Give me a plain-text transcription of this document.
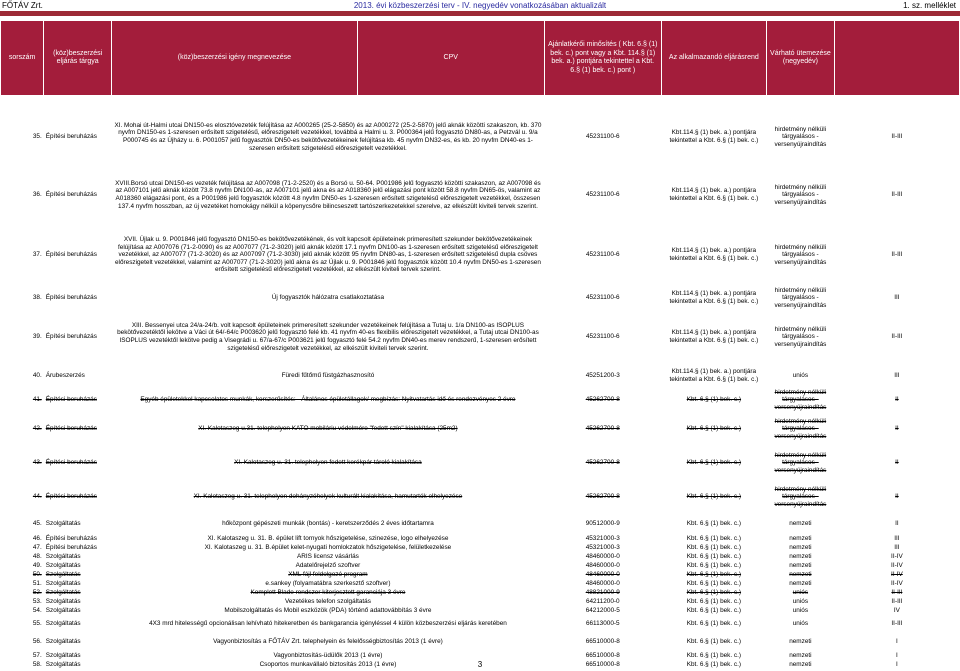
FŐTÁV Zrt.	2013. évi közbeszerzési terv - IV. negyedév vonatkozásában aktualizált	1. sz. melléklet
sorszám	(köz)beszerzési eljárás tárgya	(köz)beszerzési igény megnevezése	CPV	Ajánlatkérői minősítés ( Kbt. 6.§ (1) bek. c.) pont vagy a Kbt. 114.§ (1) bek. a.) pontjára tekintettel a Kbt. 6.§ (1) bek. c.) pont )	Az alkalmazandó eljárásrend	Várható ütemezése (negyedév)	

35.	Építési beruházás	XI. Mohai út-Halmi utcai DN150-es elosztóvezeték felújítása az A000265 (25-2-5850) és az A000272 (25-2-5870) jelű aknák közötti szakaszon, kb. 370 nyvfm DN150-es 1-szeresen erősített szigetelésű, előreszigetelt vezetékkel, továbbá a Halmi u. 3. P000364 jelű fogyasztó DN80-as, a Petzvál u. 9/a P000745 és az Újházy u. 6. P001057 jelű fogyasztók DN50-es bekötővezetékeinek felújítása kb. 45 nyvfm DN32-es, és kb. 20 nyvfm DN40-es 1-szeresen erősített szigetelésű előreszigetelt vezetékkel.		45231100-6	Kbt.114.§ (1) bek. a.) pontjára tekintettel a Kbt. 6.§ (1) bek. c.)	hirdetmény nélküli tárgyalásos - versenyújraindítás	II-III
36.	Építési beruházás	XVIII.Borsó utcai DN150-es vezeték felújítása az A007098 (71-2-2520) és a Borsó u. 50-64. P001986 jelű fogyasztó közötti szakaszon, az A007098 és az A007101 jelű aknák között 73.8 nyvfm DN100-as, az A007101 jelű akna és az A018360 jelű elágazási pont között 58.8 nyvfm DN65-ös, valamint az A018360 elágazási pont, és a P001986 jelű fogyasztók között 4.8 nyvfm DN50-es 1-szeresen erősített szigetelésű előreszigetelt vezetékkel, összesen 137.4 nyvfm hosszban, az új vezetéket homokágy nélkül a köpenycsőre bilincseszett tartószerkezetekkel szerelve, az elkészült kiviteli tervek szerint.		45231100-6	Kbt.114.§ (1) bek. a.) pontjára tekintettel a Kbt. 6.§ (1) bek. c.)	hirdetmény nélküli tárgyalásos - versenyújraindítás	II-III
37.	Építési beruházás	XVII. Újlak u. 9. P001846 jelű fogyasztó DN150-es bekötővezetékének, és volt kapcsolt épületeinek primeresített szekunder bekötővezetékeinek felújítása az A007076 (71-2-0090) és az A007077 (71-2-3020) jelű aknák között 17.1 nyvfm DN100-as 1-szeresen erősített szigetelésű előreszigetelt vezetékkel, az A007077 (71-2-3020) és az A007097 (71-2-3030) jelű aknák között 95 nyvfm DN80-as, 1-szeresen erősített szigetelésű dupla csöves előreszigetelt vezetékkel, valamint az A007077 (71-2-3020) jelű akna és az Újlak u. 9. P001846 jelű fogyasztók között 10.4 nyvfm DN50-es 1-szeresen erősített szigetelésű előreszigetelt vezetékkel, az elkészült kiviteli tervek szerint.		45231100-6	Kbt.114.§ (1) bek. a.) pontjára tekintettel a Kbt. 6.§ (1) bek. c.)	hirdetmény nélküli tárgyalásos - versenyújraindítás	II-III
38.	Építési beruházás	Új fogyasztók hálózatra csatlakoztatása		45231100-6	Kbt.114.§ (1) bek. a.) pontjára tekintettel a Kbt. 6.§ (1) bek. c.)	hirdetmény nélküli tárgyalásos - versenyújraindítás	III
39.	Építési beruházás	XIII. Bessenyei utca 24/a-24/b. volt kapcsolt épületeinek primeresített szekunder vezetékeinek felújítása a Tutaj u. 1/a DN100-as ISOPLUS bekötővezetéktől lekötve a Váci út 64/-64/c P003620 jelű fogyasztó felé kb. 41 nyvfm 40-es flexibilis előreszigetelt vezetékkel, a Tutaj utcai DN100-as ISOPLUS vezetéktől lekötve pedig a Visegrádi u. 67/a-67/c P003621 jelű fogyasztó felé 54.2 nyvfm DN40-es merev rendszerű, 1-szeresen erősített szigetelésű előreszigetelt vezetékkel, az elkészült kiviteli tervek szerint.		45231100-6	Kbt.114.§ (1) bek. a.) pontjára tekintettel a Kbt. 6.§ (1) bek. c.)	hirdetmény nélküli tárgyalásos - versenyújraindítás	II-III
40.	Árubeszerzés	Füredi fűtőmű füstgázhasznosító		45251200-3	Kbt.114.§ (1) bek. a.) pontjára tekintettel a Kbt. 6.§ (1) bek. c.)	uniós	III
41.	Építési beruházás	Egyéb épületekkel kapcsolatos munkák, korszerűsítés: - Általános épületállagok/ megbízás: Nyitvatartás idő és rendezvényes 2 évre		45262700-8	Kbt. 6.§ (1) bek. c.)	hirdetmény nélküli tárgyalásos - versenyújraindítás	II
42.	Építési beruházás	XI. Kalotaszeg u.31. telephelyen KATO mobiláriu védelmére "fedett szín" kialakítása (25m2)		45262700-8	Kbt. 6.§ (1) bek. c.)	hirdetmény nélküli tárgyalásos - versenyújraindítás	II
43.	Építési beruházás	XI. Kalotaszeg u. 31. telephelyen fedett kerékpár tároló kialakítása		45262700-8	Kbt. 6.§ (1) bek. c.)	hirdetmény nélküli tárgyalásos - versenyújraindítás	II
44.	Építési beruházás	XI. Kalotaszeg u. 31. telephelyen dohányzóhelyek kulturált kialakítása, hamutartók elhelyezése		45262700-8	Kbt. 6.§ (1) bek. c.)	hirdetmény nélküli tárgyalásos - versenyújraindítás	II
45.	Szolgáltatás	hőközpont gépészeti munkák (bontás) - keretszerződés 2 éves időtartamra		90512000-9	Kbt. 6.§ (1) bek. c.)	nemzeti	II
46.	Építési beruházás	XI. Kalotaszeg u. 31. B. épület lift tornyok hőszigetelése, szinezése, logo elhelyezése		45321000-3	Kbt. 6.§ (1) bek. c.)	nemzeti	III
47.	Építési beruházás	XI. Kalotaszeg u. 31. B.épület kelet-nyugati homlokzatok hőszigetelése, felületkezelése		45321000-3	Kbt. 6.§ (1) bek. c.)	nemzeti	III
48.	Szolgáltatás	ARIS licensz vásárlás		48460000-0	Kbt. 6.§ (1) bek. c.)	nemzeti	II-IV
49.	Szolgáltatás	Adatelőrejelző szoftver		48460000-0	Kbt. 6.§ (1) bek. c.)	nemzeti	II-IV
50.	Szolgáltatás	XML fájl feldolgozó program		48460000-0	Kbt. 6.§ (1) bek. c.)	nemzeti	II-IV
51.	Szolgáltatás	e.sankey (folyamatábra szerkesztő szoftver)		48460000-0	Kbt. 6.§ (1) bek. c.)	nemzeti	II-IV
52.	Szolgáltatás	Komplett Blade rendszer kiterjesztett garanciája 3 évre		48821000-9	Kbt. 6.§ (1) bek. c.)	uniós	II-III
53.	Szolgáltatás	Vezetékes telefon szolgáltatás		64211200-0	Kbt. 6.§ (1) bek. c.)	uniós	II-III
54.	Szolgáltatás	Mobilszolgáltatás és Mobil eszközök (PDA) történő adattovábbítás 3 évre		64212000-5	Kbt. 6.§ (1) bek. c.)	uniós	IV
55.	Szolgáltatás	4X3 mrd hitelességű opcionálisan lehívható hitekeretben és bankgarancia igényléssel 4 külön közbeszerzési eljárás keretében		66113000-5	Kbt. 6.§ (1) bek. c.)	uniós	II-III
56.	Szolgáltatás	Vagyonbiztosítás a FŐTÁV Zrt. telephelyein és felelősségbiztosítás 2013 (1 évre)		66510000-8	Kbt. 6.§ (1) bek. c.)	nemzeti	I
57.	Szolgáltatás	Vagyonbiztosítás-üdülők 2013 (1 évre)		66510000-8	Kbt. 6.§ (1) bek. c.)	nemzeti	I
58.	Szolgáltatás	Csoportos munkavállaló biztosítás 2013 (1 évre)		66510000-8	Kbt. 6.§ (1) bek. c.)	nemzeti	I
3
